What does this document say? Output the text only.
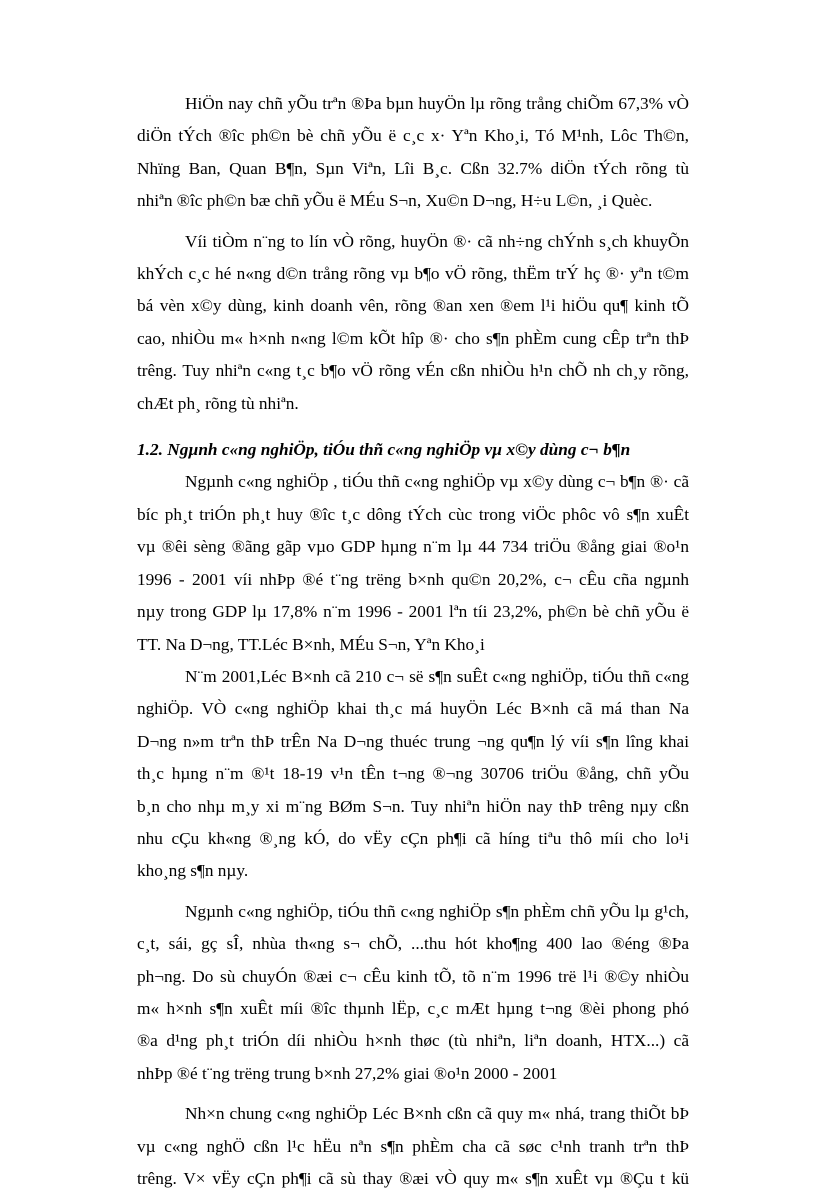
HiÖn nay chñ yÕu trªn ®Þa bµn huyÖn lµ rõng trång chiÕm 67,3% vÒ
diÖn tÝch ®îc ph©n bè chñ yÕu ë c¸c x· Yªn Kho¸i, Tó M¹nh, Lôc Th©n,
Nhïng Ban, Quan B¶n, Sµn Viªn, Lîi B¸c. Cßn 32.7% diÖn tÝch rõng tù
nhiªn ®îc ph©n bæ chñ yÕu ë MÉu S¬n, Xu©n D¬ng, H÷u L©n, ¸i Quèc.

Víi tiÒm n¨ng to lín vÒ rõng, huyÖn ®· cã nh÷ng chÝnh s¸ch khuyÕn
khÝch c¸c hé n«ng d©n trång rõng vµ b¶o vÖ rõng, thËm trÝ hç ®· yªn t©m
bá vèn x©y dùng, kinh doanh vên, rõng ®an xen ®em l¹i hiÖu qu¶ kinh tÕ
cao, nhiÒu m« h×nh n«ng l©m kÕt hîp ®· cho s¶n phÈm cung cÊp trªn thÞ
trêng. Tuy nhiªn c«ng t¸c b¶o vÖ rõng vÉn cßn nhiÒu h¹n chÕ nh ch¸y rõng,
chÆt ph¸ rõng tù nhiªn.

1.2. Ngµnh c«ng nghiÖp, tiÓu thñ c«ng nghiÖp vµ x©y dùng c¬ b¶n

Ngµnh c«ng nghiÖp , tiÓu thñ c«ng nghiÖp vµ x©y dùng c¬ b¶n ®· cã
bíc ph¸t triÓn ph¸t huy ®îc t¸c dông tÝch cùc trong viÖc phôc vô s¶n xuÊt
vµ ®êi sèng ®ãng gãp vµo GDP hµng n¨m lµ 44 734 triÖu ®ång giai ®o¹n
1996 - 2001 víi nhÞp ®é t¨ng trëng b×nh qu©n 20,2%, c¬ cÊu cña ngµnh
nµy trong GDP lµ 17,8% n¨m 1996 - 2001 lªn tíi 23,2%, ph©n bè chñ yÕu ë
TT. Na D¬ng, TT.Léc B×nh, MÉu S¬n, Yªn Kho¸i

N¨m 2001,Léc B×nh cã 210 c¬ së s¶n suÊt c«ng nghiÖp, tiÓu thñ c«ng
nghiÖp. VÒ c«ng nghiÖp khai th¸c má huyÖn Léc B×nh cã má than Na
D¬ng n»m trªn thÞ trÊn Na D¬ng thuéc trung ¬ng qu¶n lý víi s¶n lîng khai
th¸c hµng n¨m ®¹t 18-19 v¹n tÊn t¬ng ®¬ng 30706 triÖu ®ång, chñ yÕu
b¸n cho nhµ m¸y xi m¨ng BØm S¬n. Tuy nhiªn hiÖn nay thÞ trêng nµy cßn
nhu cÇu kh«ng ®¸ng kÓ, do vËy cÇn ph¶i cã híng tiªu thô míi cho lo¹i
kho¸ng s¶n nµy.

Ngµnh c«ng nghiÖp, tiÓu thñ c«ng nghiÖp s¶n phÈm chñ yÕu lµ g¹ch,
c¸t, sái, gç sÎ, nhùa th«ng s¬ chÕ, ...thu hót kho¶ng 400 lao ®éng ®Þa
ph¬ng. Do sù chuyÓn ®æi c¬ cÊu kinh tÕ, tõ n¨m 1996 trë l¹i ®©y nhiÒu
m« h×nh s¶n xuÊt míi ®îc thµnh lËp, c¸c mÆt hµng t¬ng ®èi phong phó
®a d¹ng ph¸t triÓn díi nhiÒu h×nh thøc (tù nhiªn, liªn doanh, HTX...) cã
nhÞp ®é t¨ng trëng trung b×nh 27,2% giai ®o¹n 2000 - 2001

Nh×n chung c«ng nghiÖp Léc B×nh cßn cã quy m« nhá, trang thiÕt bÞ
vµ c«ng nghÖ cßn l¹c hËu nªn s¶n phÈm cha cã søc c¹nh tranh trªn thÞ
trêng. V× vËy cÇn ph¶i cã sù thay ®æi vÒ quy m« s¶n xuÊt vµ ®Çu t kü
